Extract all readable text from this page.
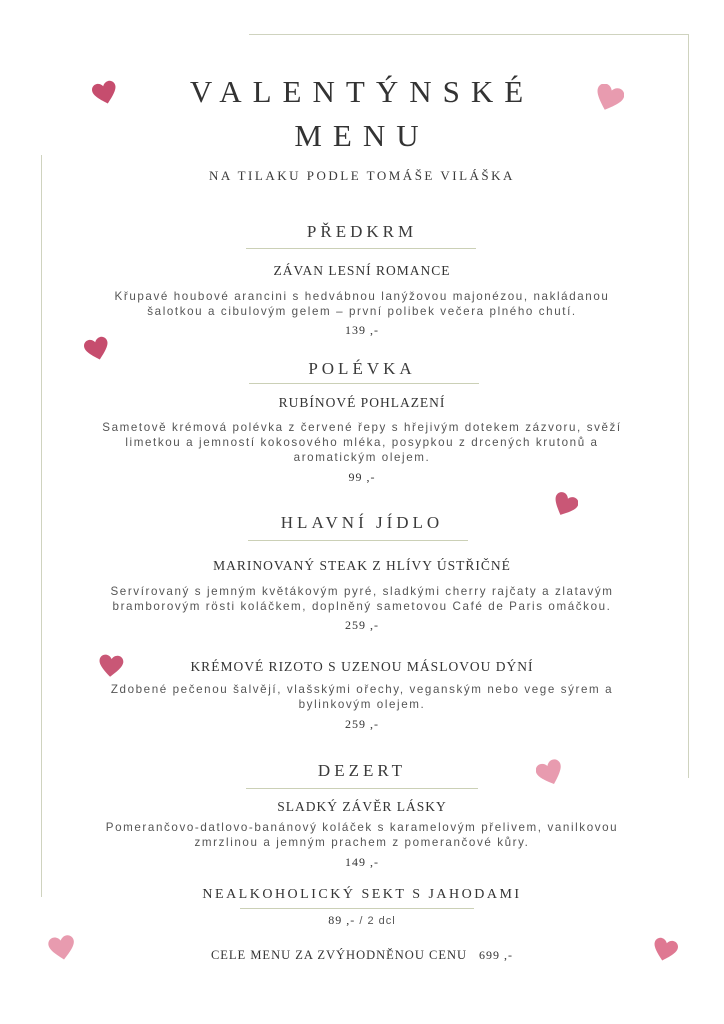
VALENTÝNSKÉ
MENU
NA TILAKU PODLE TOMÁŠE VILÁŠKA
PŘEDKRM
ZÁVAN LESNÍ ROMANCE
Křupavé houbové arancini s hedvábnou lanýžovou majonézou, nakládanou
šalotkou a cibulovým gelem – první polibek večera plného chutí.
139 ,-
POLÉVKA
RUBÍNOVÉ POHLAZENÍ
Sametově krémová polévka z červené řepy s hřejivým dotekem zázvoru, svěží
limetkou a jemností kokosového mléka, posypkou z drcených krutonů a
aromatickým olejem.
99 ,-
HLAVNÍ JÍDLO
MARINOVANÝ STEAK Z HLÍVY ÚSTŘIČNÉ
Servírovaný s jemným květákovým pyré, sladkými cherry rajčaty a zlatavým
bramborovým rösti koláčkem, doplněný sametovou Café de Paris omáčkou.
259 ,-
KRÉMOVÉ RIZOTO S UZENOU MÁSLOVOU DÝNÍ
Zdobené pečenou šalvějí, vlašskými ořechy, veganským nebo vege sýrem a
bylinkovým olejem.
259 ,-
DEZERT
SLADKÝ ZÁVĚR LÁSKY
Pomerančovo-datlovo-banánový koláček s karamelovým přelivem, vanilkovou
zmrzlinou a jemným prachem z pomerančové kůry.
149 ,-
NEALKOHOLICKÝ SEKT S JAHODAMI
89 ,- / 2 dcl
CELE MENU ZA ZVÝHODNĚNOU CENU 699 ,-
